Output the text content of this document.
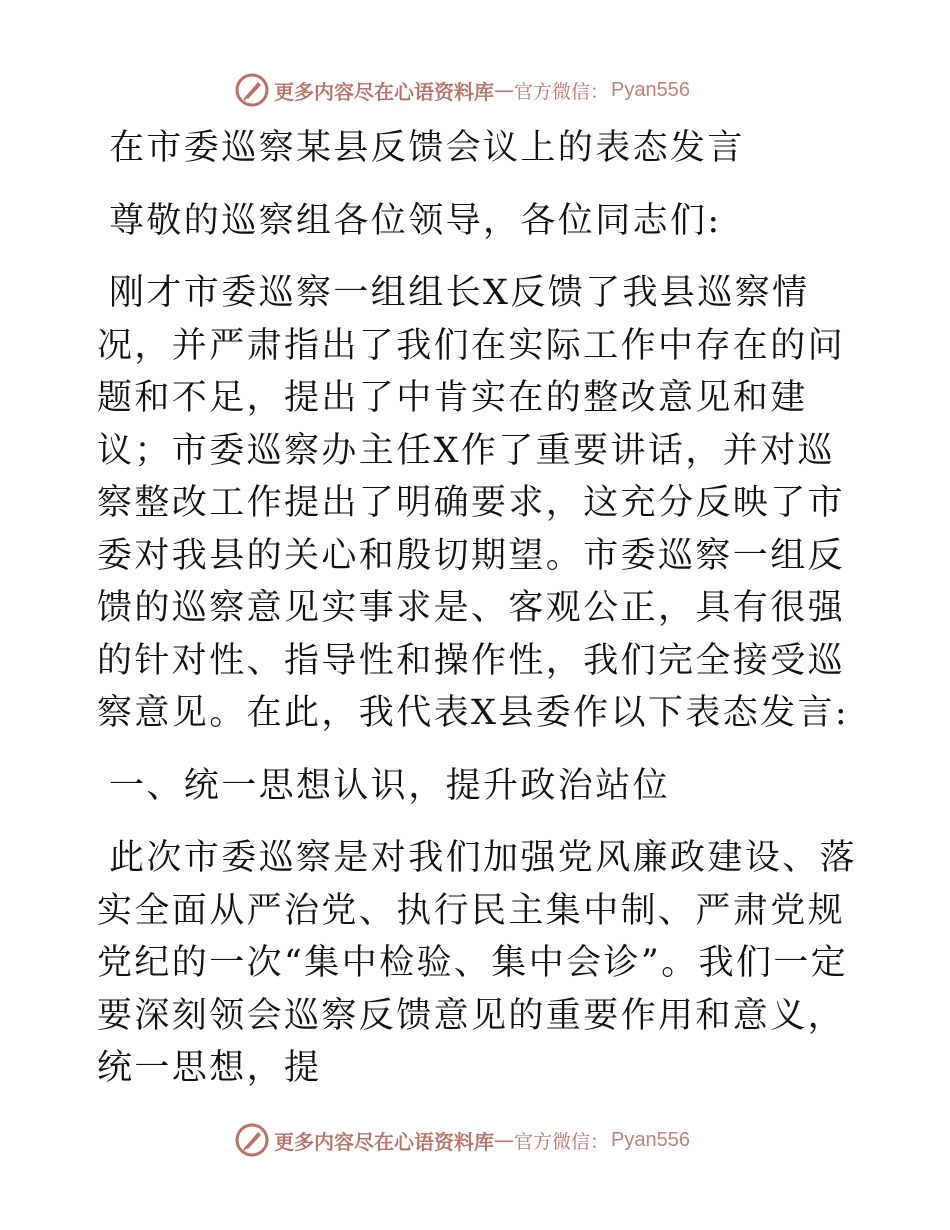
更多内容尽在心语资料库 — 官方微信： Pyan556

在市委巡察某县反馈会议上的表态发言

尊敬的巡察组各位领导，各位同志们:

刚才市委巡察一组组长X反馈了我县巡察情况，并严肃指出了我们在实际工作中存在的问题和不足，提出了中肯实在的整改意见和建议；市委巡察办主任X作了重要讲话，并对巡察整改工作提出了明确要求，这充分反映了市委对我县的关心和殷切期望。市委巡察一组反馈的巡察意见实事求是、客观公正，具有很强的针对性、指导性和操作性，我们完全接受巡察意见。在此，我代表X县委作以下表态发言:

一、统一思想认识，提升政治站位

此次市委巡察是对我们加强党风廉政建设、落实全面从严治党、执行民主集中制、严肃党规党纪的一次“集中检验、集中会诊”。我们一定要深刻领会巡察反馈意见的重要作用和意义，统一思想，提

更多内容尽在心语资料库 — 官方微信： Pyan556
